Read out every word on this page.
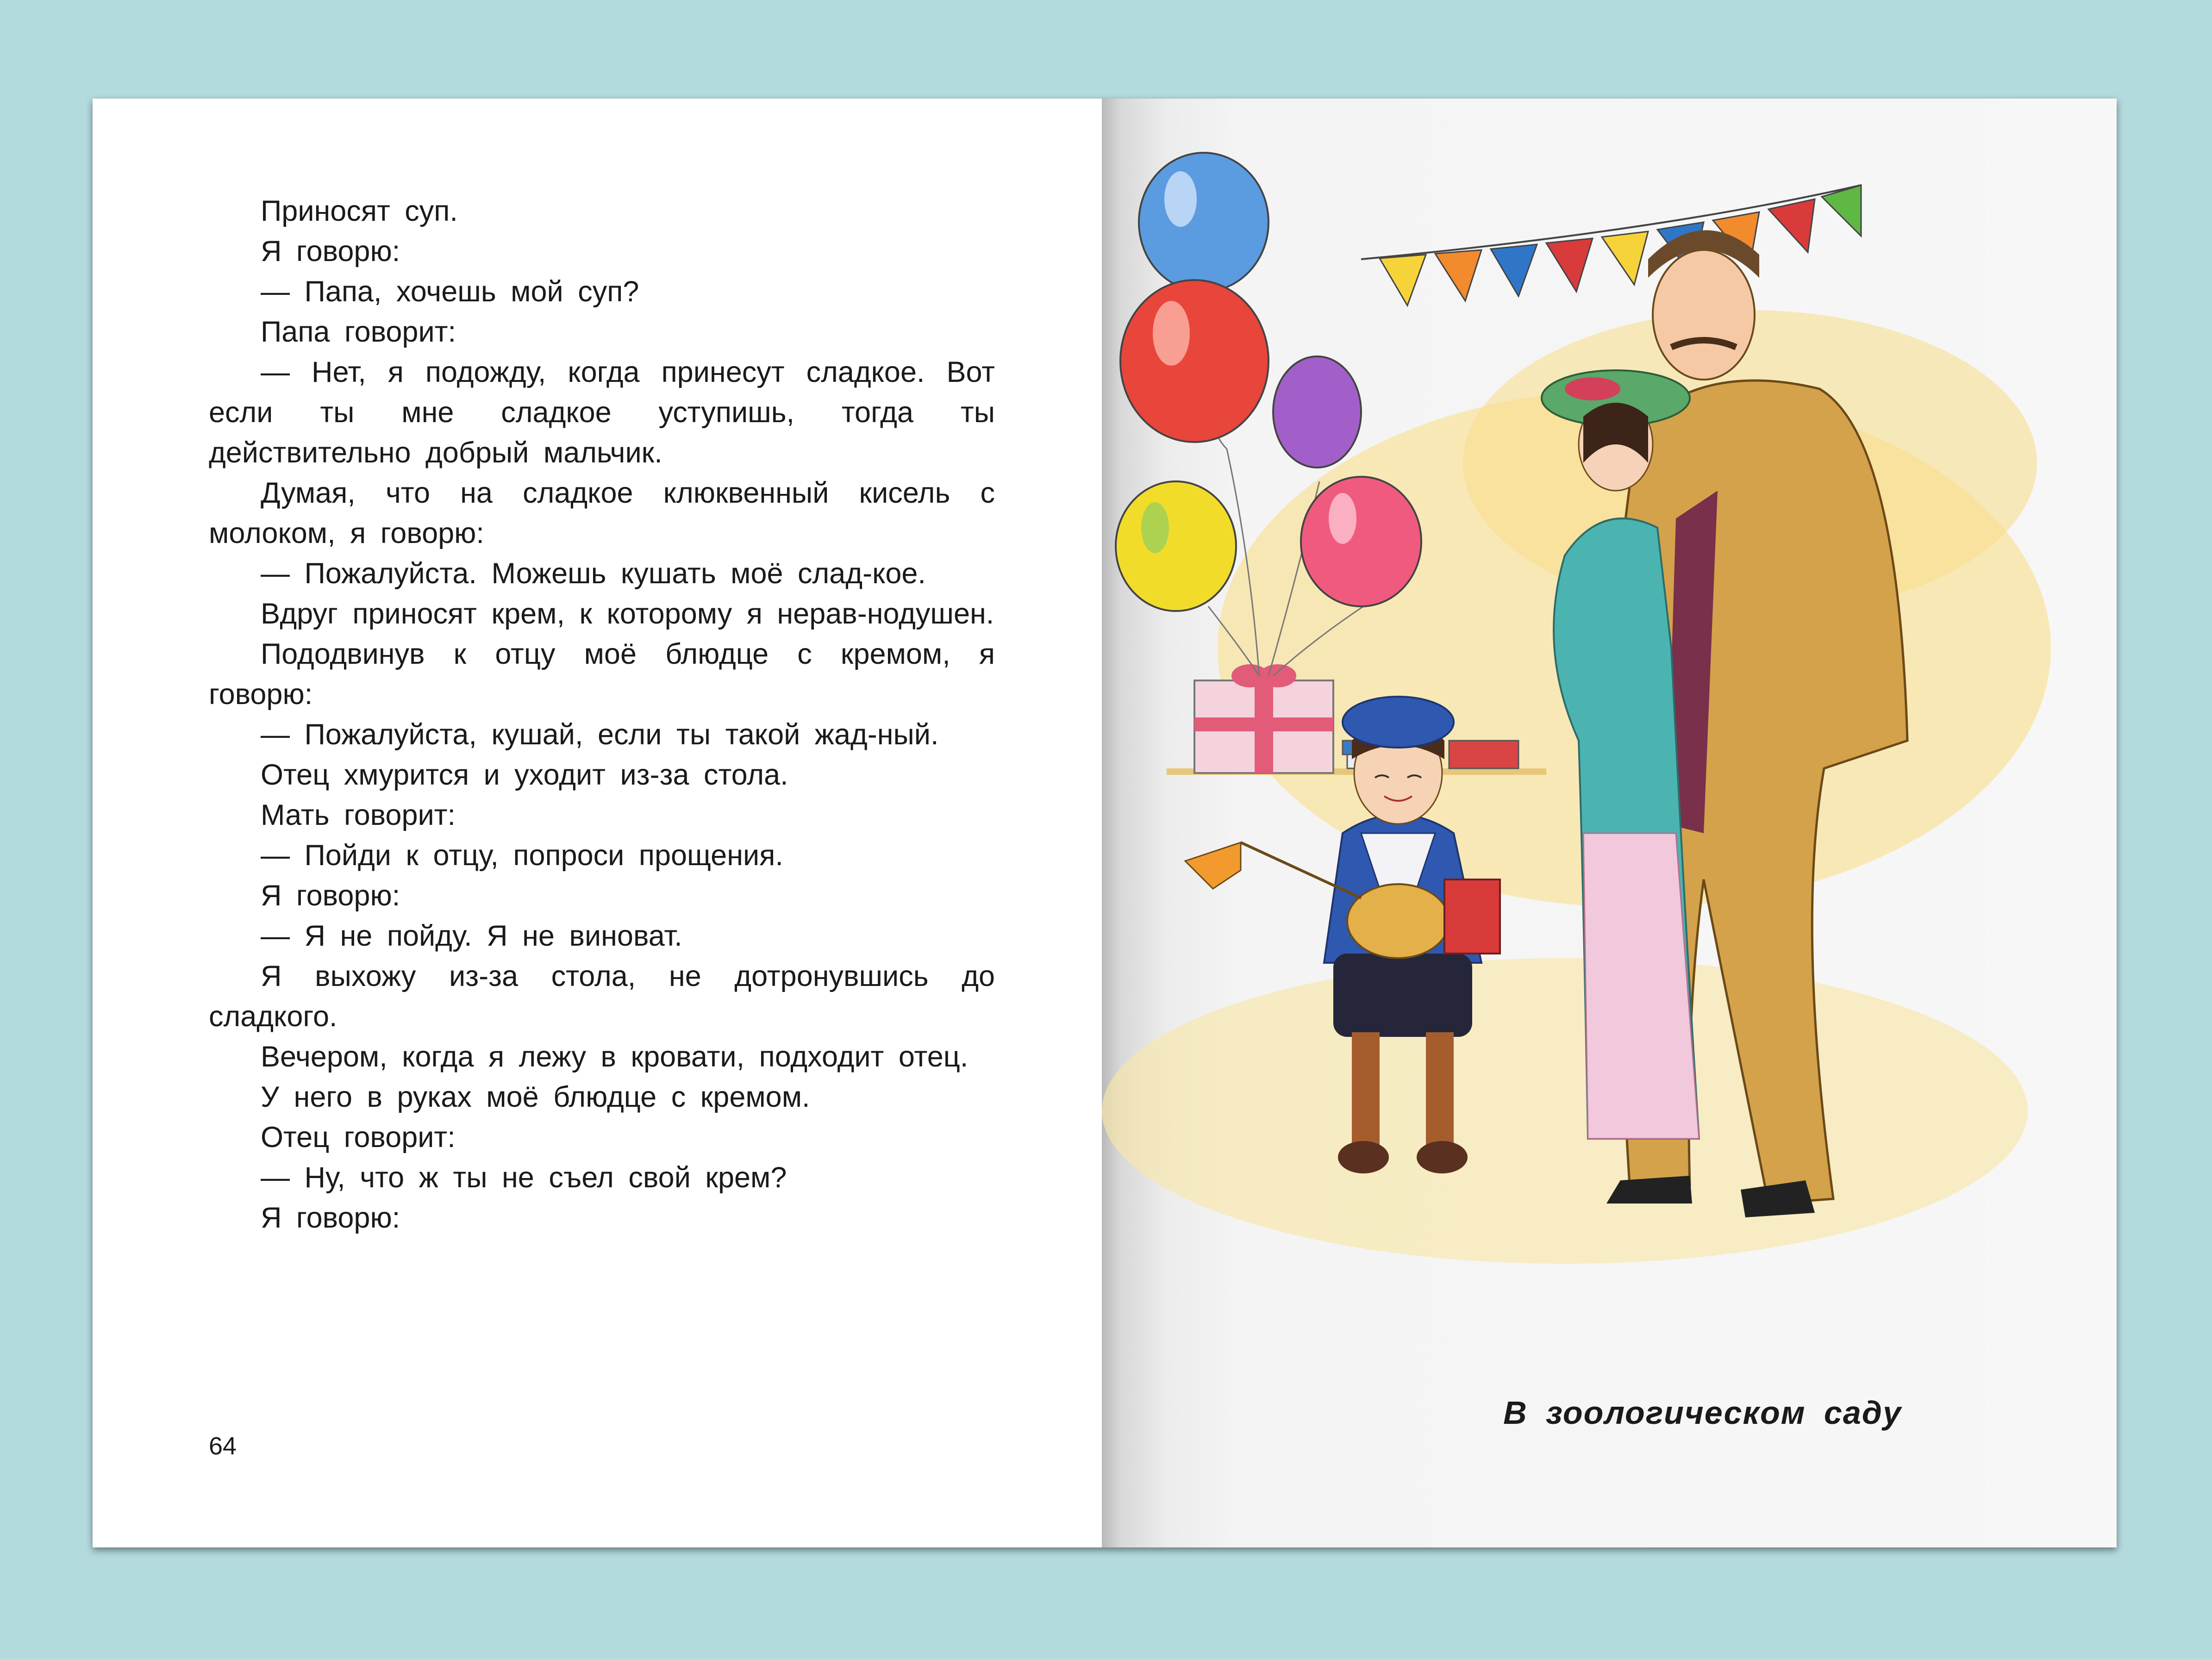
Приносят суп.

Я говорю:

— Папа, хочешь мой суп?

Папа говорит:

— Нет, я подожду, когда принесут сладкое. Вот если ты мне сладкое уступишь, тогда ты действительно добрый мальчик.

Думая, что на сладкое клюквенный кисель с молоком, я говорю:

— Пожалуйста. Можешь кушать моё слад-кое.

Вдруг приносят крем, к которому я нерав-нодушен.

Пододвинув к отцу моё блюдце с кремом, я говорю:

— Пожалуйста, кушай, если ты такой жад-ный.

Отец хмурится и уходит из-за стола.

Мать говорит:

— Пойди к отцу, попроси прощения.

Я говорю:

— Я не пойду. Я не виноват.

Я выхожу из-за стола, не дотронувшись до сладкого.

Вечером, когда я лежу в кровати, подходит отец.

У него в руках моё блюдце с кремом.

Отец говорит:

— Ну, что ж ты не съел свой крем?

Я говорю:

64
В зоологическом саду
